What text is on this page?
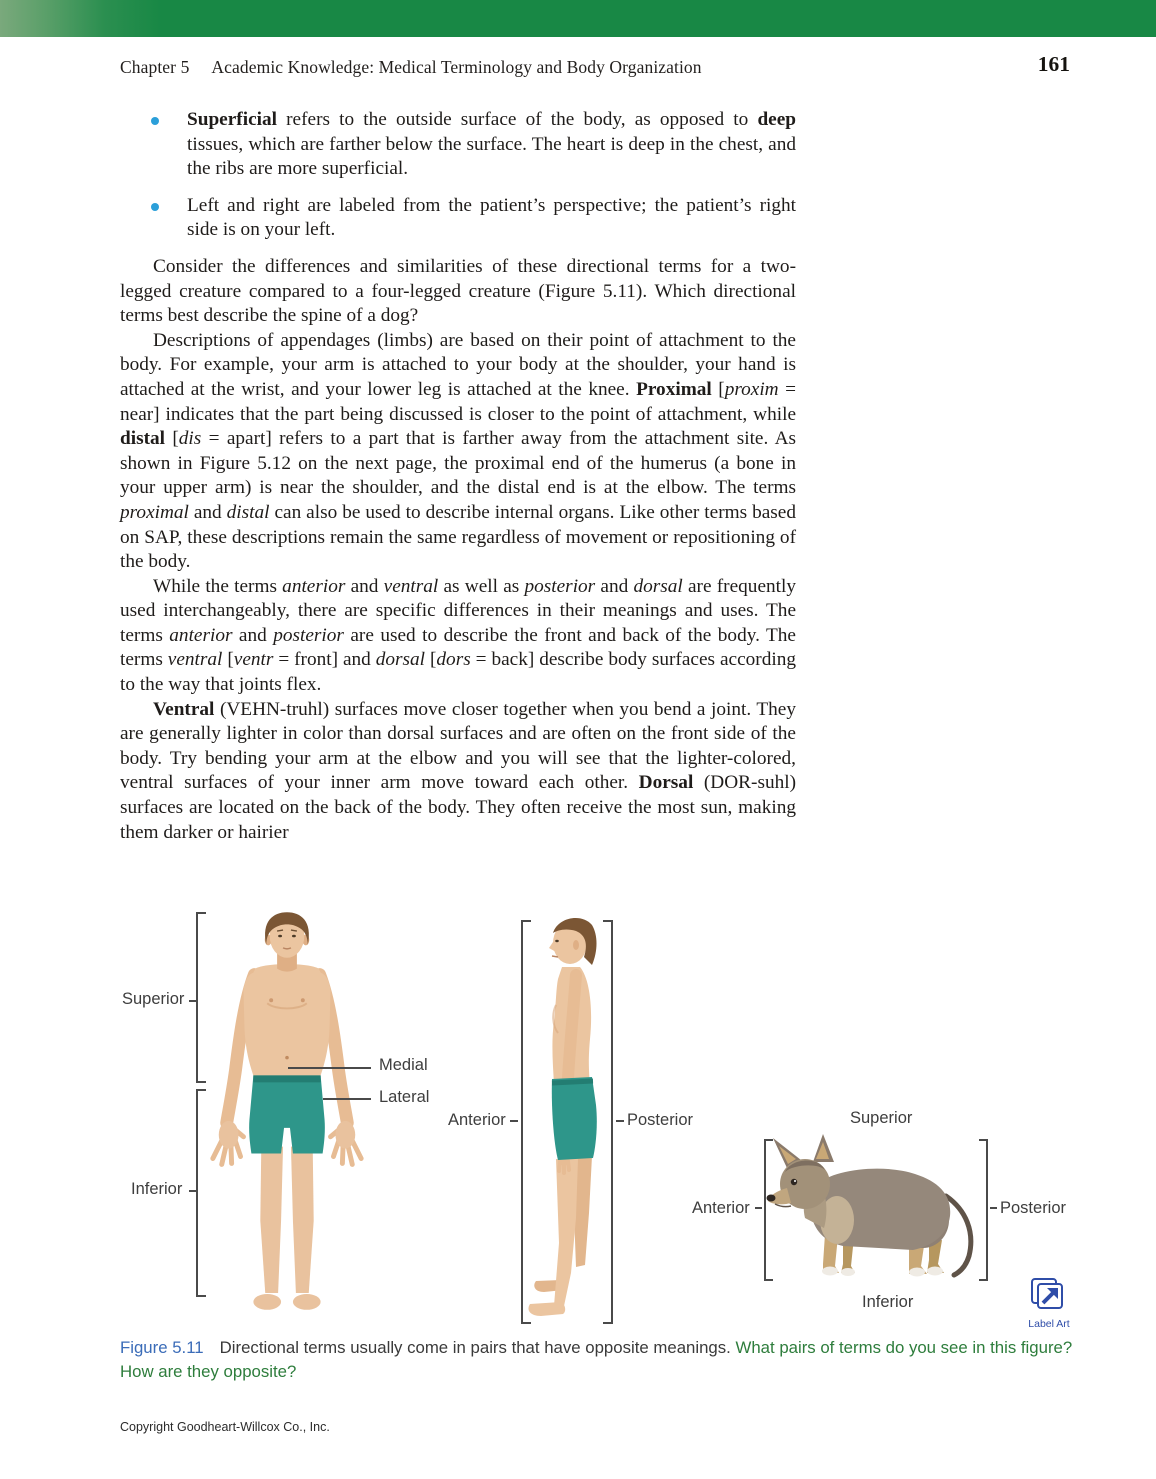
Chapter 5 Academic Knowledge: Medical Terminology and Body Organization	161
Superficial refers to the outside surface of the body, as opposed to deep tissues, which are farther below the surface. The heart is deep in the chest, and the ribs are more superficial.
Left and right are labeled from the patient’s perspective; the patient’s right side is on your left.
Consider the differences and similarities of these directional terms for a two-legged creature compared to a four-legged creature (Figure 5.11). Which directional terms best describe the spine of a dog?
Descriptions of appendages (limbs) are based on their point of attachment to the body. For example, your arm is attached to your body at the shoulder, your hand is attached at the wrist, and your lower leg is attached at the knee. Proximal [proxim = near] indicates that the part being discussed is closer to the point of attachment, while distal [dis = apart] refers to a part that is farther away from the attachment site. As shown in Figure 5.12 on the next page, the proximal end of the humerus (a bone in your upper arm) is near the shoulder, and the distal end is at the elbow. The terms proximal and distal can also be used to describe internal organs. Like other terms based on SAP, these descriptions remain the same regardless of movement or repositioning of the body.
While the terms anterior and ventral as well as posterior and dorsal are frequently used interchangeably, there are specific differences in their meanings and uses. The terms anterior and posterior are used to describe the front and back of the body. The terms ventral [ventr = front] and dorsal [dors = back] describe body surfaces according to the way that joints flex.
Ventral (VEHN-truhl) surfaces move closer together when you bend a joint. They are generally lighter in color than dorsal surfaces and are often on the front side of the body. Try bending your arm at the elbow and you will see that the lighter-colored, ventral surfaces of your inner arm move toward each other. Dorsal (DOR-suhl) surfaces are located on the back of the body. They often receive the most sun, making them darker or hairier
Superior
Inferior
Medial
Lateral
Anterior	Posterior	Superior
Anterior	Posterior
Inferior
Label Art
Figure 5.11 Directional terms usually come in pairs that have opposite meanings. What pairs of terms do you see in this figure? How are they opposite?
Copyright Goodheart-Willcox Co., Inc.
